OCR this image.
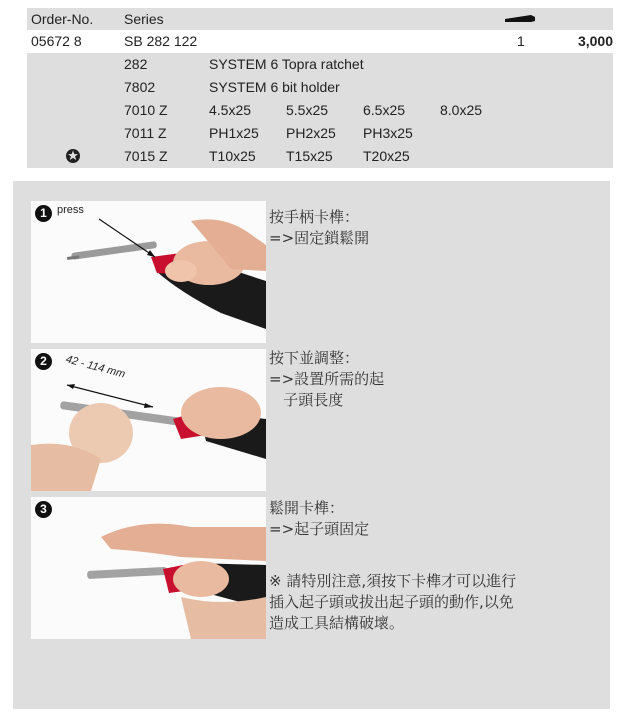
Order-No. Series
05672 8	SB 282 122	1	3,000
282	SYSTEM 6 Topra ratchet
7802	SYSTEM 6 bit holder
7010 Z	4.5x25 5.5x25 6.5x25 8.0x25
7011 Z	PH1x25 PH2x25 PH3x25
7015 Z	T10x25 T15x25 T20x25
1 press	按手柄卡榫：
=>固定鎖鬆開
2	42 - 114 mm	按下並調整：
=>設置所需的起
子頭長度
3	鬆開卡榫：
=>起子頭固定
※ 請特別注意,須按下卡榫才可以進行
插入起子頭或拔出起子頭的動作,以免
造成工具結構破壞。
